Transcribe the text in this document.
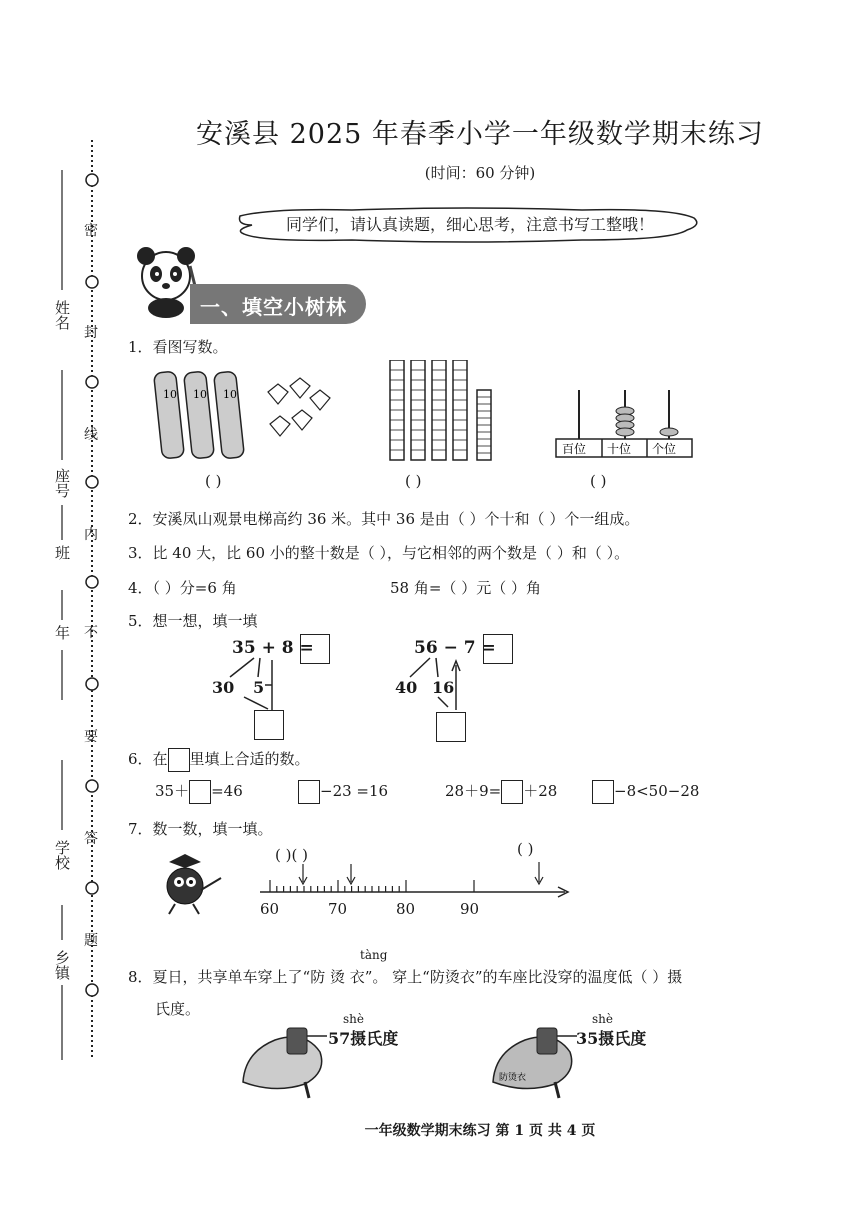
姓名
座号
班
年
学校
乡镇
密
封
线
内
不
要
答
题
安溪县 2025 年春季小学一年级数学期末练习
(时间：60 分钟)
同学们，请认真读题，细心思考，注意书写工整哦！
一、填空小树林
1．看图写数。
10 10 10
百位 十位 个位
( )	( )	( )
2．安溪凤山观景电梯高约 36 米。其中 36 是由（ ）个十和（ ）个一组成。
3．比 40 大，比 60 小的整十数是（ ），与它相邻的两个数是（ ）和（ ）。
4．（ ）分=6 角	58 角=（ ）元（ ）角
5．想一想，填一填
35 + 8 =
30 5
56 − 7 =
40 16
6．在 里填上合适的数。
35＋ =46	−23 =16	28＋9= ＋28	−8<50−28
7．数一数，填一填。
( )( )	( )
60	70	80	90
tàng
8．夏日，共享单车穿上了“防 烫 衣”。 穿上“防烫衣”的车座比没穿的温度低（ ）摄
氏度。
shè	shè
57摄氏度	35摄氏度
防烫衣
一年级数学期末练习 第 1 页 共 4 页
